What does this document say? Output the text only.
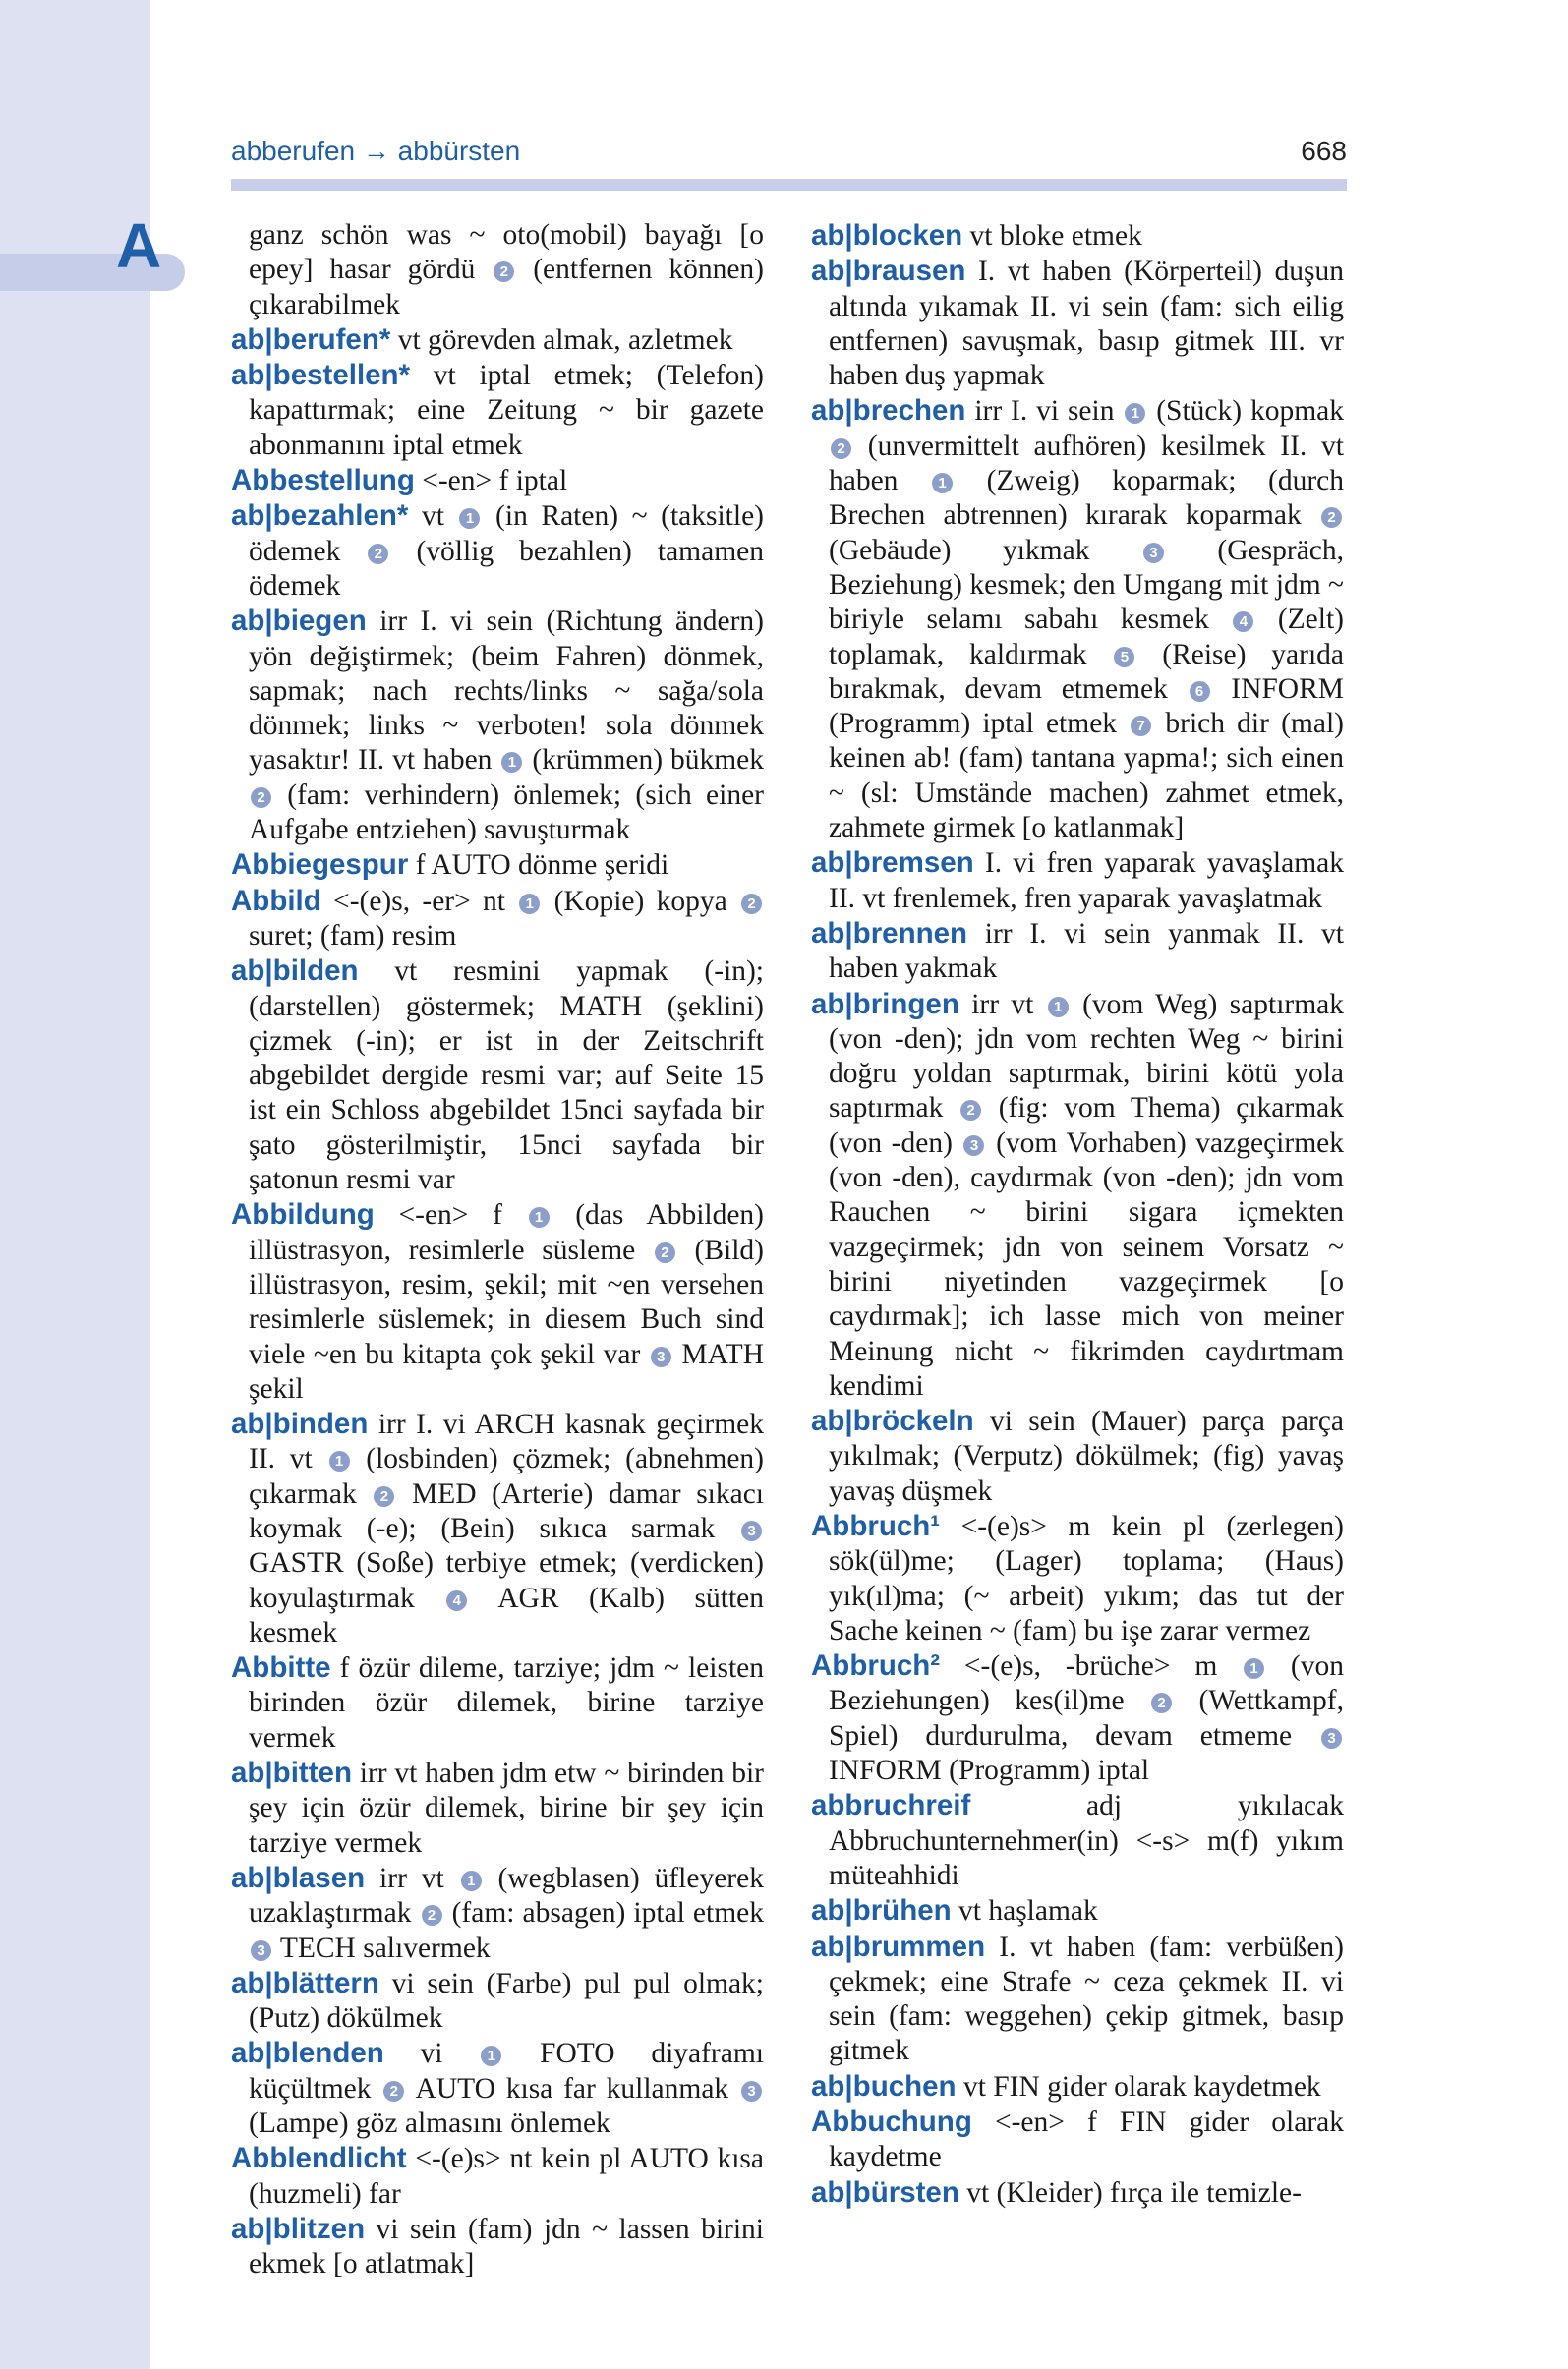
A
abberufen → abbürsten	668

ganz schön was ~ oto(mobil) bayağı [o epey] hasar gördü 2 (entfernen können) çıkarabilmek

ab|berufen* vt görevden almak, azletmek

ab|bestellen* vt iptal etmek; (Telefon) kapattırmak; eine Zeitung ~ bir gazete abonmanını iptal etmek

Abbestellung <-en> f iptal

ab|bezahlen* vt 1 (in Raten) ~ (taksitle) ödemek 2 (völlig bezahlen) tamamen ödemek

ab|biegen irr I. vi sein (Richtung ändern) yön değiştirmek; (beim Fahren) dönmek, sapmak; nach rechts/links ~ sağa/sola dönmek; links ~ verboten! sola dönmek yasaktır! II. vt haben 1 (krümmen) bükmek 2 (fam: verhindern) önlemek; (sich einer Aufgabe entziehen) savuşturmak

Abbiegespur f AUTO dönme şeridi

Abbild <-(e)s, -er> nt 1 (Kopie) kopya 2 suret; (fam) resim

ab|bilden vt resmini yapmak (-in); (darstellen) göstermek; MATH (şeklini) çizmek (-in); er ist in der Zeitschrift abgebildet dergide resmi var; auf Seite 15 ist ein Schloss abgebildet 15nci sayfada bir şato gösterilmiştir, 15nci sayfada bir şatonun resmi var

Abbildung <-en> f 1 (das Abbilden) illüstrasyon, resimlerle süsleme 2 (Bild) illüstrasyon, resim, şekil; mit ~en versehen resimlerle süslemek; in diesem Buch sind viele ~en bu kitapta çok şekil var 3 MATH şekil

ab|binden irr I. vi ARCH kasnak geçirmek II. vt 1 (losbinden) çözmek; (abnehmen) çıkarmak 2 MED (Arterie) damar sıkacı koymak (-e); (Bein) sıkıca sarmak 3 GASTR (Soße) terbiye etmek; (verdicken) koyulaştırmak 4 AGR (Kalb) sütten kesmek

Abbitte f özür dileme, tarziye; jdm ~ leisten birinden özür dilemek, birine tarziye vermek

ab|bitten irr vt haben jdm etw ~ birinden bir şey için özür dilemek, birine bir şey için tarziye vermek

ab|blasen irr vt 1 (wegblasen) üfleyerek uzaklaştırmak 2 (fam: absagen) iptal etmek 3 TECH salıvermek

ab|blättern vi sein (Farbe) pul pul olmak; (Putz) dökülmek

ab|blenden vi 1 FOTO diyaframı küçültmek 2 AUTO kısa far kullanmak 3 (Lampe) göz almasını önlemek

Abblendlicht <-(e)s> nt kein pl AUTO kısa (huzmeli) far

ab|blitzen vi sein (fam) jdn ~ lassen birini ekmek [o atlatmak]

ab|blocken vt bloke etmek

ab|brausen I. vt haben (Körperteil) duşun altında yıkamak II. vi sein (fam: sich eilig entfernen) savuşmak, basıp gitmek III. vr haben duş yapmak

ab|brechen irr I. vi sein 1 (Stück) kopmak 2 (unvermittelt aufhören) kesilmek II. vt haben 1 (Zweig) koparmak; (durch Brechen abtrennen) kırarak koparmak 2 (Gebäude) yıkmak 3 (Gespräch, Beziehung) kesmek; den Umgang mit jdm ~ biriyle selamı sabahı kesmek 4 (Zelt) toplamak, kaldırmak 5 (Reise) yarıda bırakmak, devam etmemek 6 INFORM (Programm) iptal etmek 7 brich dir (mal) keinen ab! (fam) tantana yapma!; sich einen ~ (sl: Umstände machen) zahmet etmek, zahmete girmek [o katlanmak]

ab|bremsen I. vi fren yaparak yavaşlamak II. vt frenlemek, fren yaparak yavaşlatmak

ab|brennen irr I. vi sein yanmak II. vt haben yakmak

ab|bringen irr vt 1 (vom Weg) saptırmak (von -den); jdn vom rechten Weg ~ birini doğru yoldan saptırmak, birini kötü yola saptırmak 2 (fig: vom Thema) çıkarmak (von -den) 3 (vom Vorhaben) vazgeçirmek (von -den), caydırmak (von -den); jdn vom Rauchen ~ birini sigara içmekten vazgeçirmek; jdn von seinem Vorsatz ~ birini niyetinden vazgeçirmek [o caydırmak]; ich lasse mich von meiner Meinung nicht ~ fikrimden caydırtmam kendimi

ab|bröckeln vi sein (Mauer) parça parça yıkılmak; (Verputz) dökülmek; (fig) yavaş yavaş düşmek

Abbruch¹ <-(e)s> m kein pl (zerlegen) sök(ül)me; (Lager) toplama; (Haus) yık(ıl)ma; (~ arbeit) yıkım; das tut der Sache keinen ~ (fam) bu işe zarar vermez

Abbruch² <-(e)s, -brüche> m 1 (von Beziehungen) kes(il)me 2 (Wettkampf, Spiel) durdurulma, devam etmeme 3 INFORM (Programm) iptal

abbruchreif adj yıkılacak Abbruchunternehmer(in) <-s> m(f) yıkım müteahhidi

ab|brühen vt haşlamak

ab|brummen I. vt haben (fam: verbüßen) çekmek; eine Strafe ~ ceza çekmek II. vi sein (fam: weggehen) çekip gitmek, basıp gitmek

ab|buchen vt FIN gider olarak kaydetmek

Abbuchung <-en> f FIN gider olarak kaydetme

ab|bürsten vt (Kleider) fırça ile temizle-
